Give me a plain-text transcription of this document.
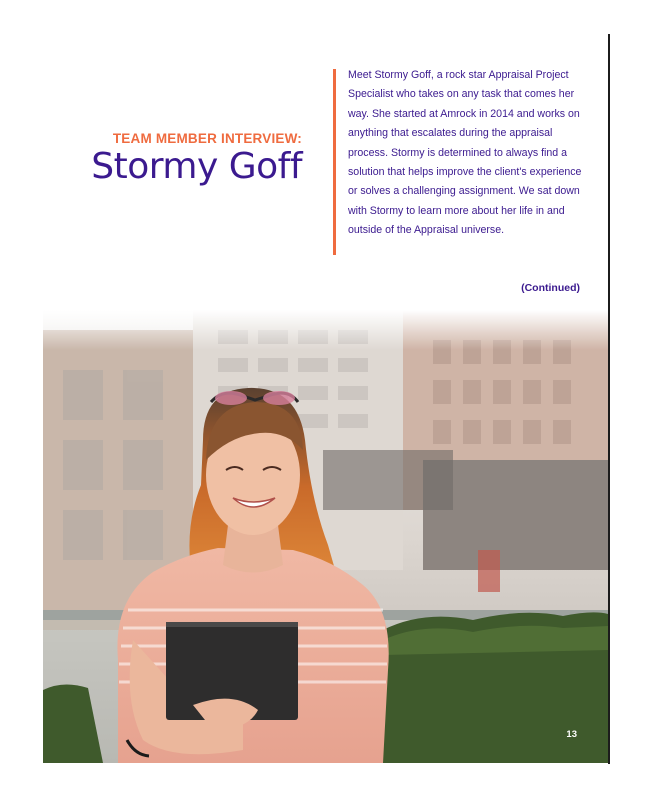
TEAM MEMBER INTERVIEW:
Stormy Goff
Meet Stormy Goff, a rock star Appraisal Project Specialist who takes on any task that comes her way. She started at Amrock in 2014 and works on anything that escalates during the appraisal process. Stormy is determined to always find a solution that helps improve the client's experience or solves a challenging assignment. We sat down with Stormy to learn more about her life in and outside of the Appraisal universe.
(Continued)
13
